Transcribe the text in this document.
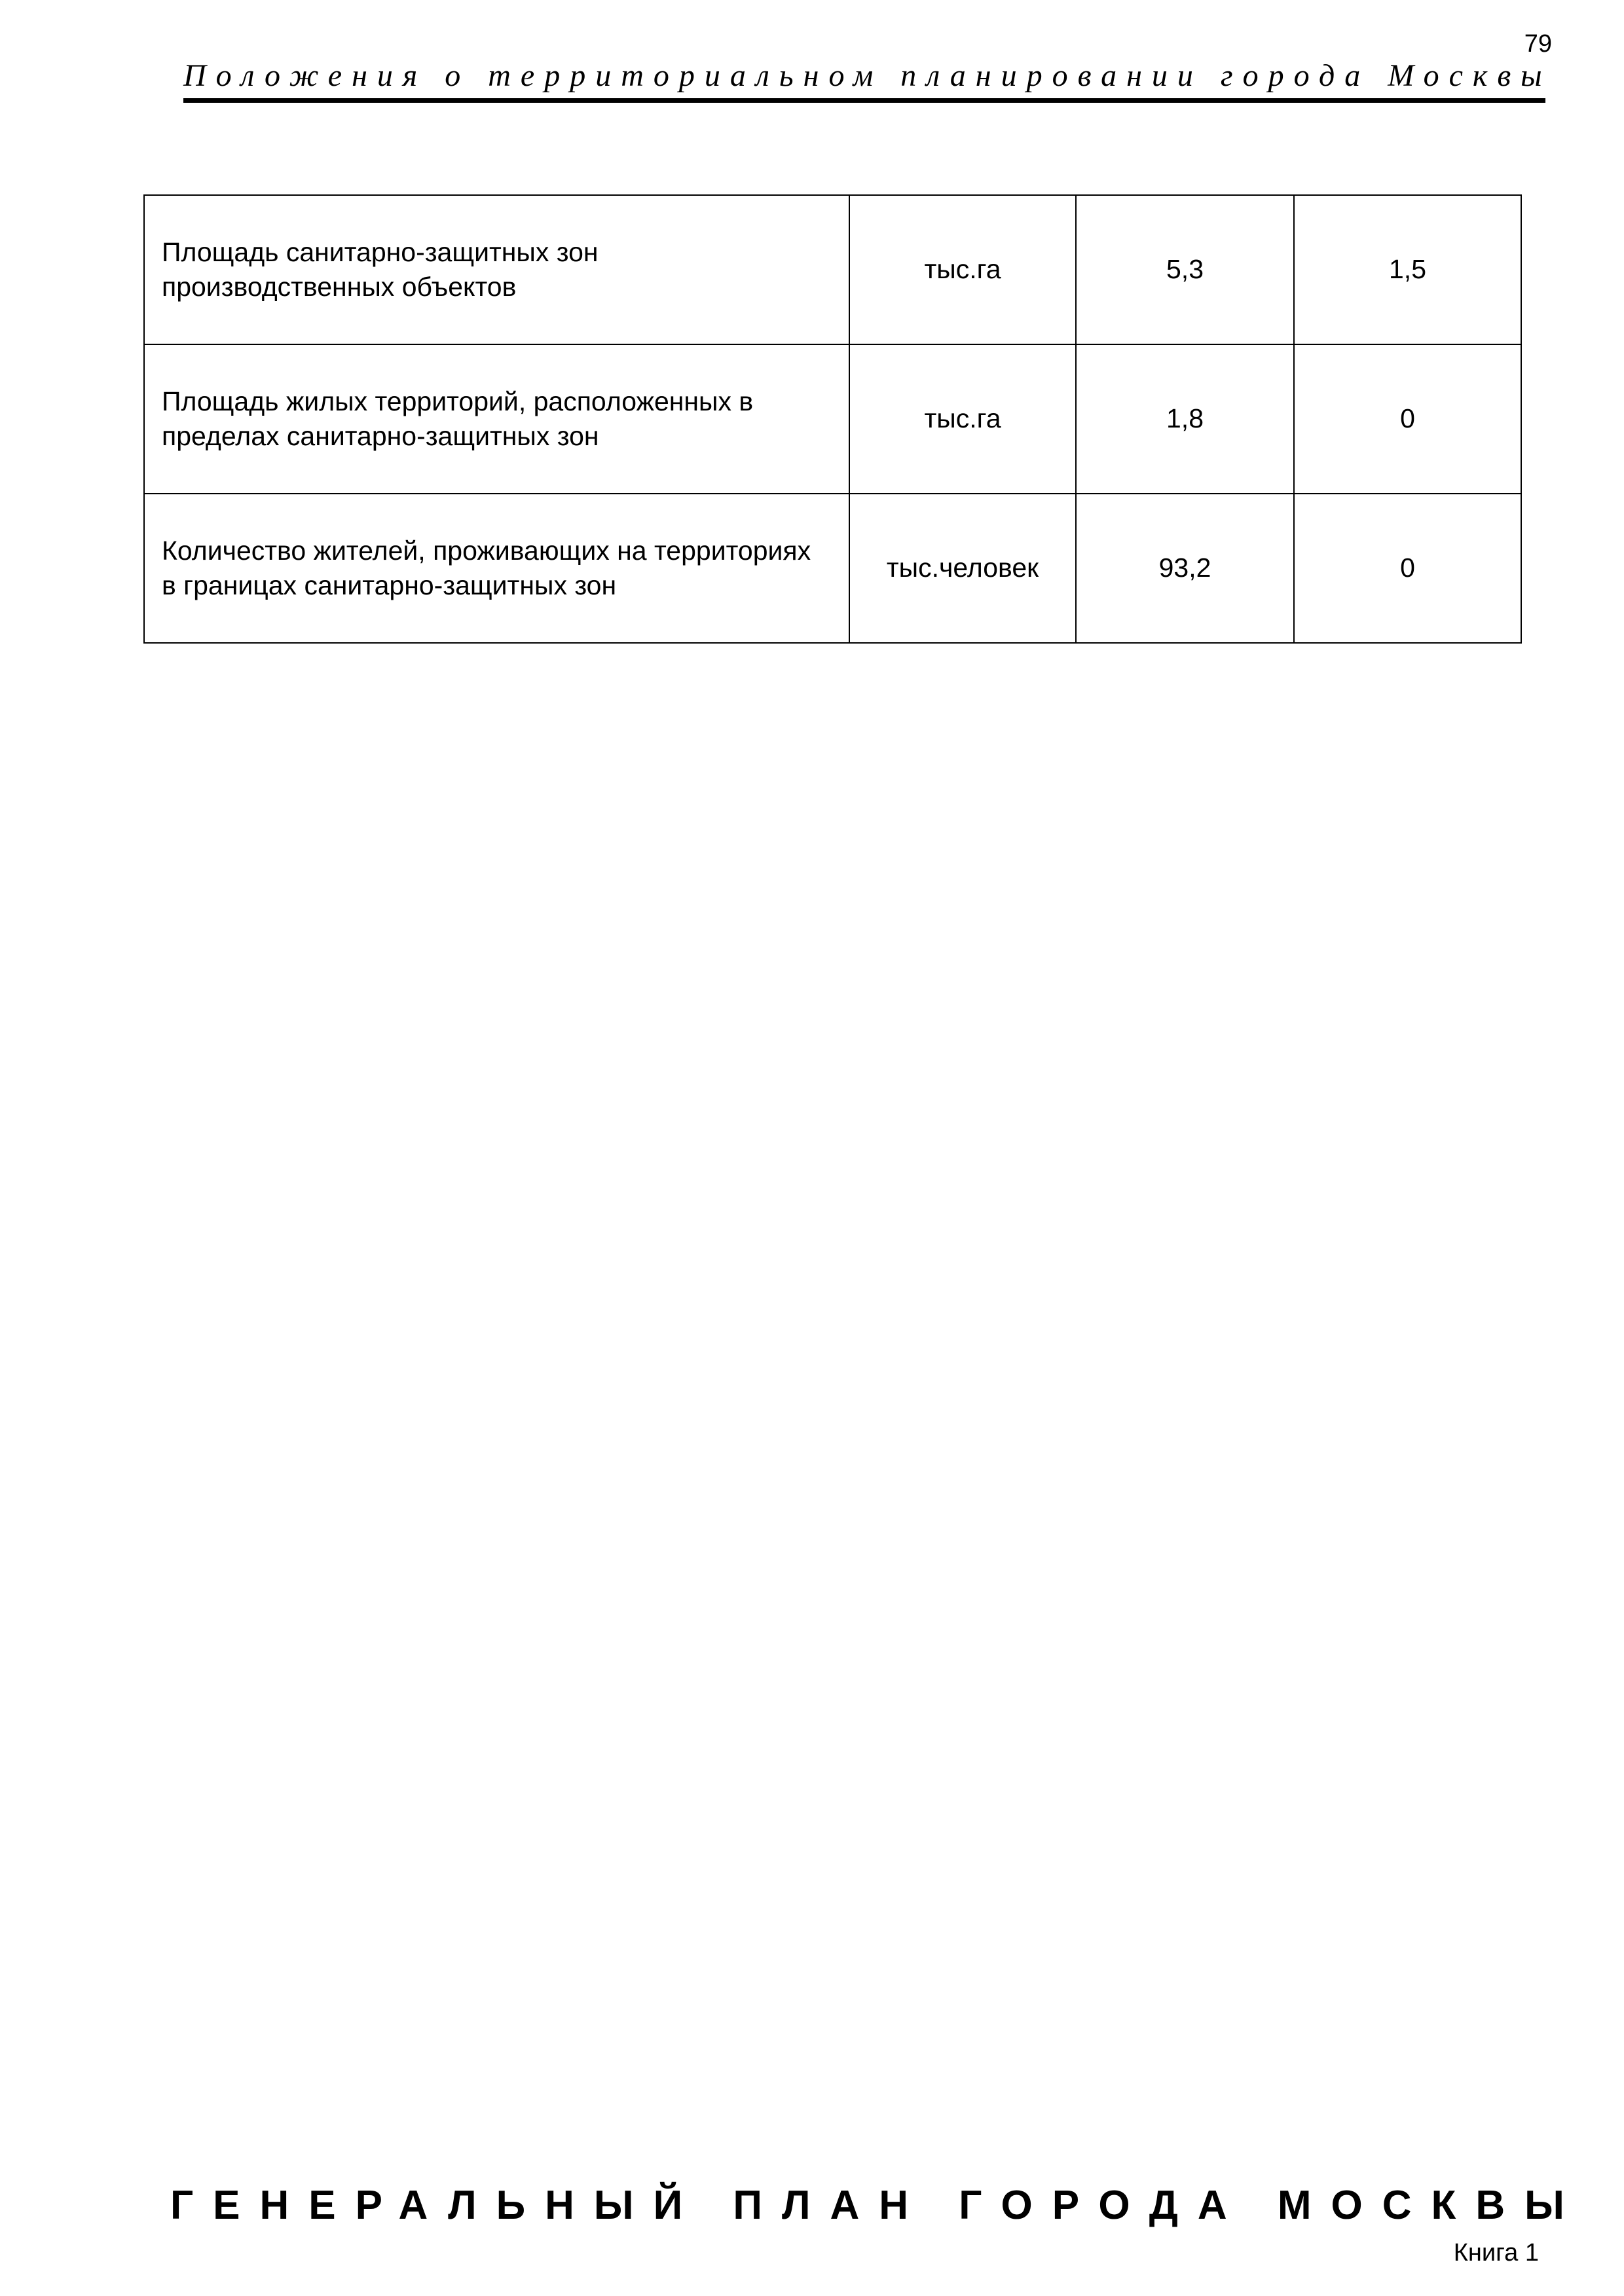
79
Положения о территориальном планировании города Москвы
Площадь санитарно-защитных зон производственных объектов	тыс.га	5,3	1,5
Площадь жилых территорий, расположенных в пределах санитарно-защитных зон	тыс.га	1,8	0
Количество жителей, проживающих на территориях в границах санитарно-защитных зон	тыс.человек	93,2	0
ГЕНЕРАЛЬНЫЙ ПЛАН ГОРОДА МОСКВЫ
Книга 1
